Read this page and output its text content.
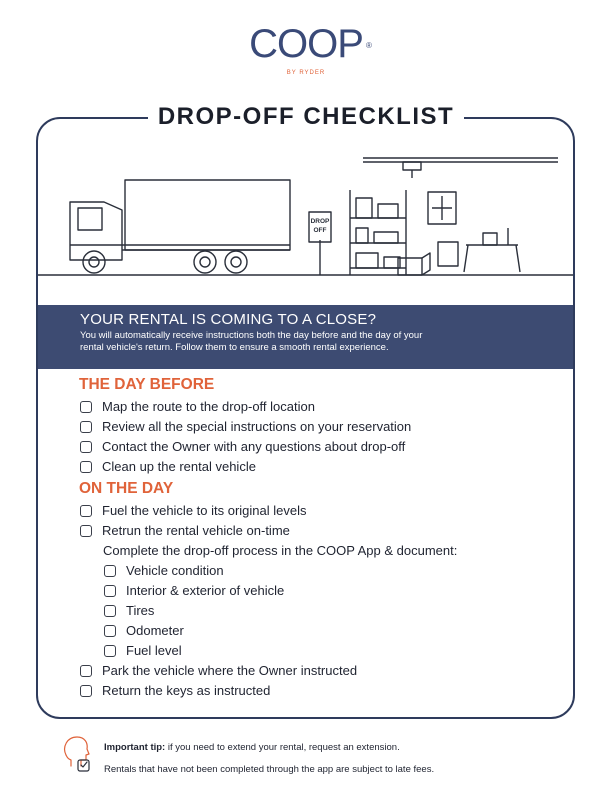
COOP ®
BY RYDER
DROP-OFF CHECKLIST
DROP
OFF
YOUR RENTAL IS COMING TO A CLOSE?
You will automatically receive instructions both the day before and the day of your
rental vehicle's return. Follow them to ensure a smooth rental experience.
THE DAY BEFORE
Map the route to the drop-off location
Review all the special instructions on your reservation
Contact the Owner with any questions about drop-off
Clean up the rental vehicle
ON THE DAY
Fuel the vehicle to its original levels
Retrun the rental vehicle on-time
Complete the drop-off process in the COOP App & document:
Vehicle condition
Interior & exterior of vehicle
Tires
Odometer
Fuel level
Park the vehicle where the Owner instructed
Return the keys as instructed
Important tip: if you need to extend your rental, request an extension.
Rentals that have not been completed through the app are subject to late fees.
